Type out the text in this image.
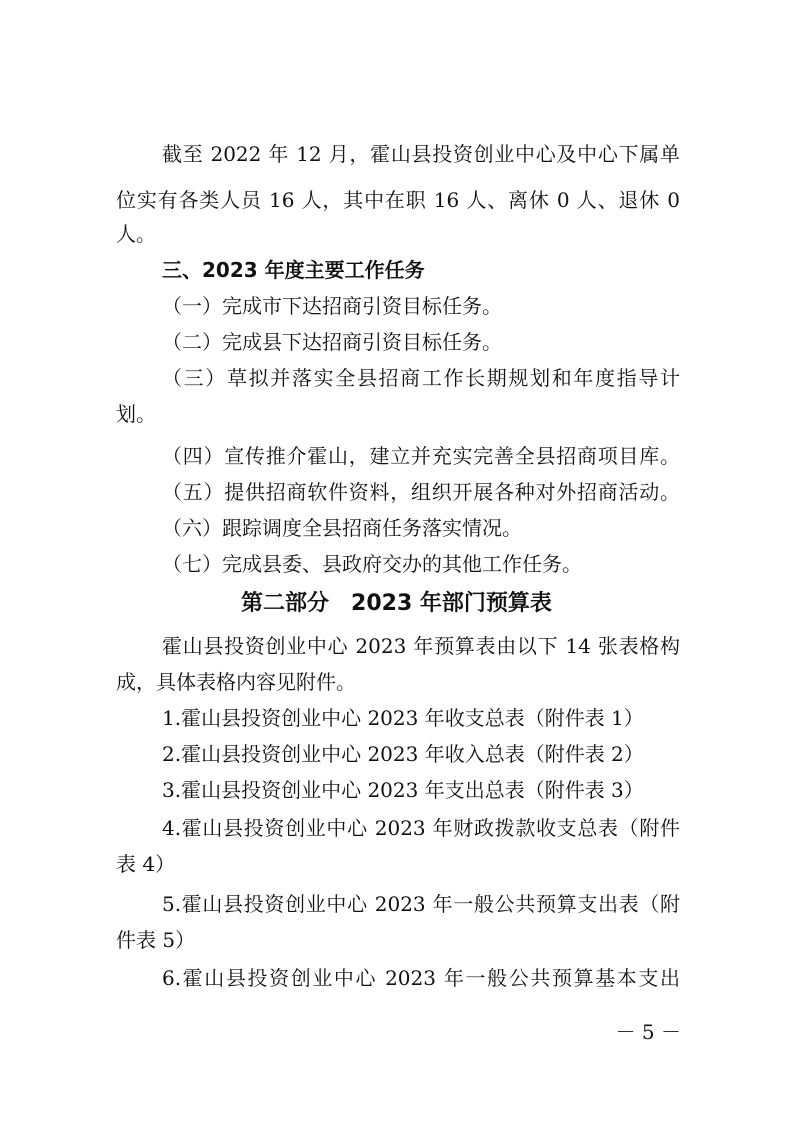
截至 2022 年 12 月，霍山县投资创业中心及中心下属单
位实有各类人员 16 人，其中在职 16 人、离休 0 人、退休 0
人。
三、2023 年度主要工作任务
（一）完成市下达招商引资目标任务。
（二）完成县下达招商引资目标任务。
（三）草拟并落实全县招商工作长期规划和年度指导计
划。
（四）宣传推介霍山，建立并充实完善全县招商项目库。
（五）提供招商软件资料，组织开展各种对外招商活动。
（六）跟踪调度全县招商任务落实情况。
（七）完成县委、县政府交办的其他工作任务。
第二部分　2023 年部门预算表
霍山县投资创业中心 2023 年预算表由以下 14 张表格构
成，具体表格内容见附件。
1.霍山县投资创业中心 2023 年收支总表（附件表 1）
2.霍山县投资创业中心 2023 年收入总表（附件表 2）
3.霍山县投资创业中心 2023 年支出总表（附件表 3）
4.霍山县投资创业中心 2023 年财政拨款收支总表（附件
表 4）
5.霍山县投资创业中心 2023 年一般公共预算支出表（附
件表 5）
6.霍山县投资创业中心 2023 年一般公共预算基本支出
－ 5 －
